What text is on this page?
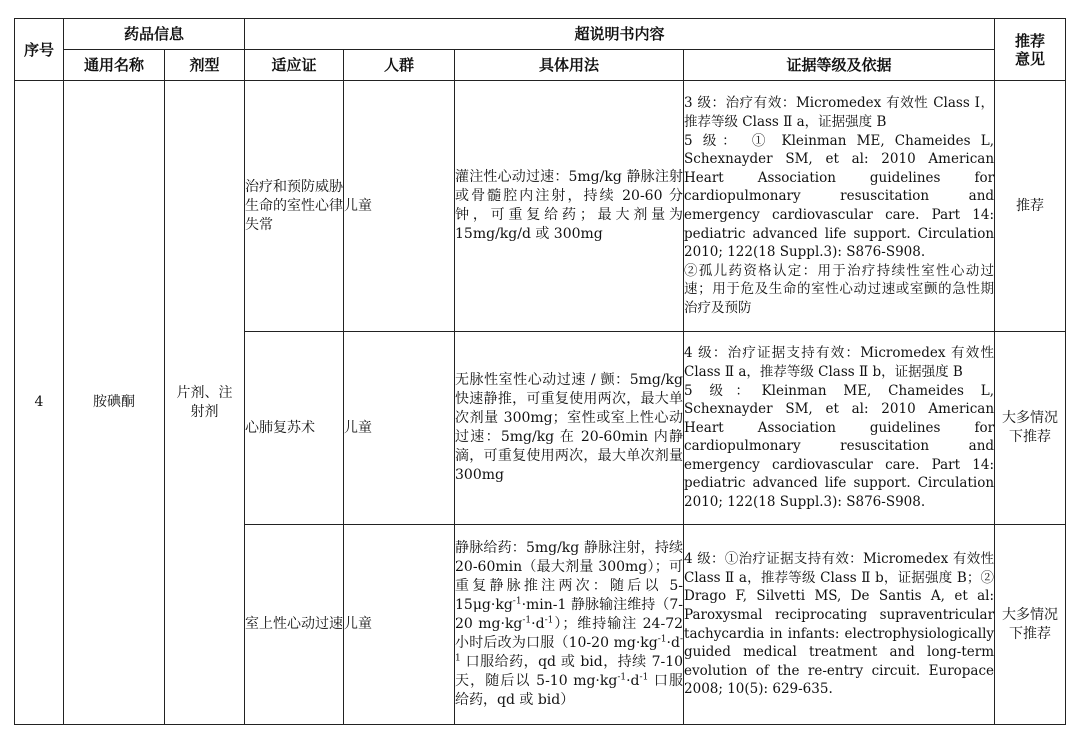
序号	药品信息		超说明书内容				推荐意见

	通用名称	剂型	适应证	人群	具体用法	证据等级及依据	
4	胺碘酮	片剂、注射剂	治疗和预防威胁生命的室性心律失常	儿童	灌注性心动过速：5mg/kg 静脉注射或骨髓腔内注射，持续 20-60 分钟，可重复给药；最大剂量为 15mg/kg/d 或 300mg	3 级：治疗有效：Micromedex 有效性 Class Ⅰ，推荐等级 Class Ⅱ a，证据强度 B
5 级： ① Kleinman ME, Chameides L, Schexnayder SM, et al: 2010 American Heart Association guidelines for cardiopulmonary resuscitation and emergency cardiovascular care. Part 14: pediatric advanced life support. Circulation 2010; 122(18 Suppl.3): S876-S908.
②孤儿药资格认定：用于治疗持续性室性心动过速；用于危及生命的室性心动过速或室颤的急性期治疗及预防	推荐
			心肺复苏术	儿童	无脉性室性心动过速 / 颤：5mg/kg 快速静推，可重复使用两次，最大单次剂量 300mg；室性或室上性心动过速：5mg/kg 在 20-60min 内静滴，可重复使用两次，最大单次剂量 300mg	4 级：治疗证据支持有效：Micromedex 有效性 Class Ⅱ a，推荐等级 Class Ⅱ b，证据强度 B
5 级：Kleinman ME, Chameides L, Schexnayder SM, et al: 2010 American Heart Association guidelines for cardiopulmonary resuscitation and emergency cardiovascular care. Part 14: pediatric advanced life support. Circulation 2010; 122(18 Suppl.3): S876-S908.	大多情况下推荐

			室上性心动过速	儿童	静脉给药：5mg/kg 静脉注射，持续 20-60min（最大剂量 300mg）；可重复静脉推注两次：随后以 $5-15\mu g\cdot kg^{-1}\cdot\min-1$ 静脉输注维持（7-20 $mg\cdot kg^{-1}\cdot d^{-1}$）；维持输注 24-72 小时后改为口服（10-20 $mg\cdot kg^{-1}\cdot d^{-1}$ 口服给药，qd 或 bid，持续 7-10 天，随后以 5-10 $mg\cdot kg^{-1}\cdot d^{-1}$ 口服给药，qd 或 bid）	4 级：①治疗证据支持有效：Micromedex 有效性 Class Ⅱ a，推荐等级 Class Ⅱ b，证据强度 B；② Drago F, Silvetti MS, De Santis A, et al: Paroxysmal reciprocating supraventricular tachycardia in infants: electrophysiologically guided medical treatment and long-term evolution of the re-entry circuit. Europace 2008; 10(5): 629-635.	大多情况下推荐
